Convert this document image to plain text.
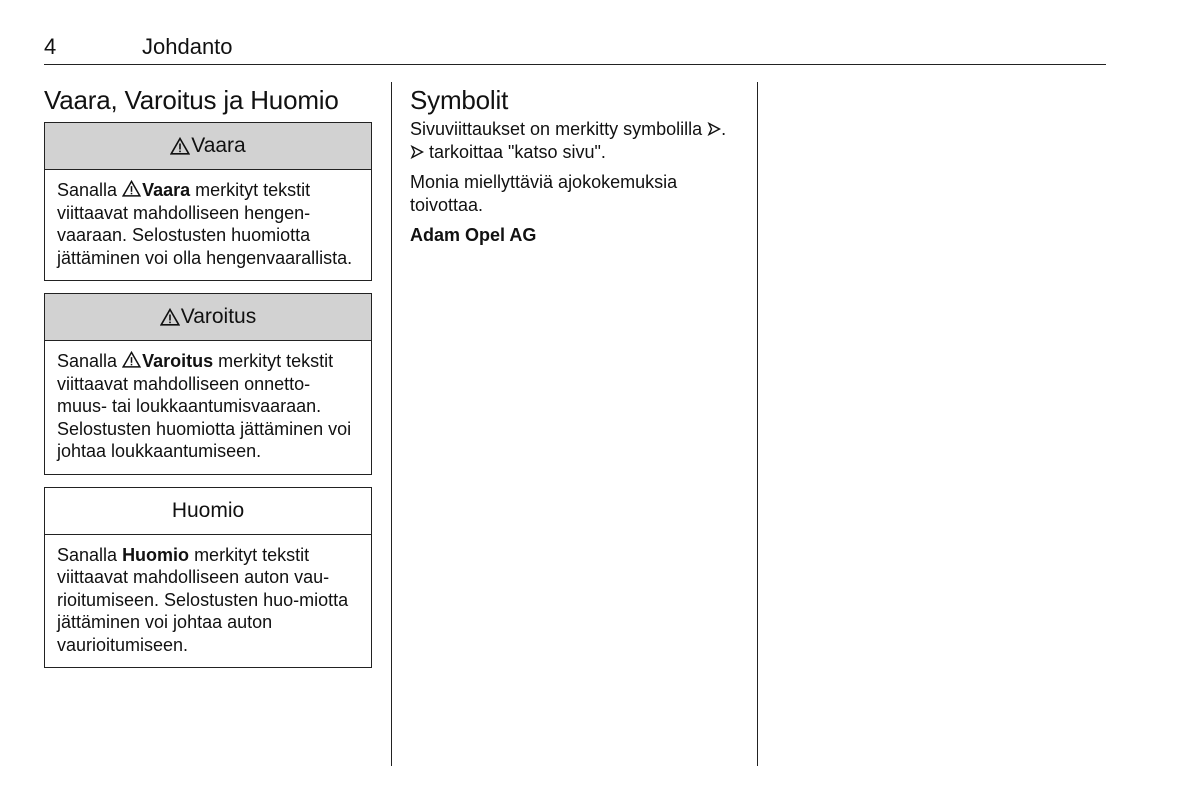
4	Johdanto
Vaara, Varoitus ja Huomio
Vaara
Sanalla Vaara merkityt tekstit viittaavat mahdolliseen hengen-vaaraan. Selostusten huomiotta jättäminen voi olla hengenvaarallista.
Varoitus
Sanalla Varoitus merkityt tekstit viittaavat mahdolliseen onnetto-muus- tai loukkaantumisvaaraan. Selostusten huomiotta jättäminen voi johtaa loukkaantumiseen.
Huomio
Sanalla Huomio merkityt tekstit viittaavat mahdolliseen auton vau-rioitumiseen. Selostusten huo-miotta jättäminen voi johtaa auton vaurioitumiseen.
Symbolit

Sivuviittaukset on merkitty symbolilla .  tarkoittaa "katso sivu".

Monia miellyttäviä ajokokemuksia toivottaa.

Adam Opel AG
